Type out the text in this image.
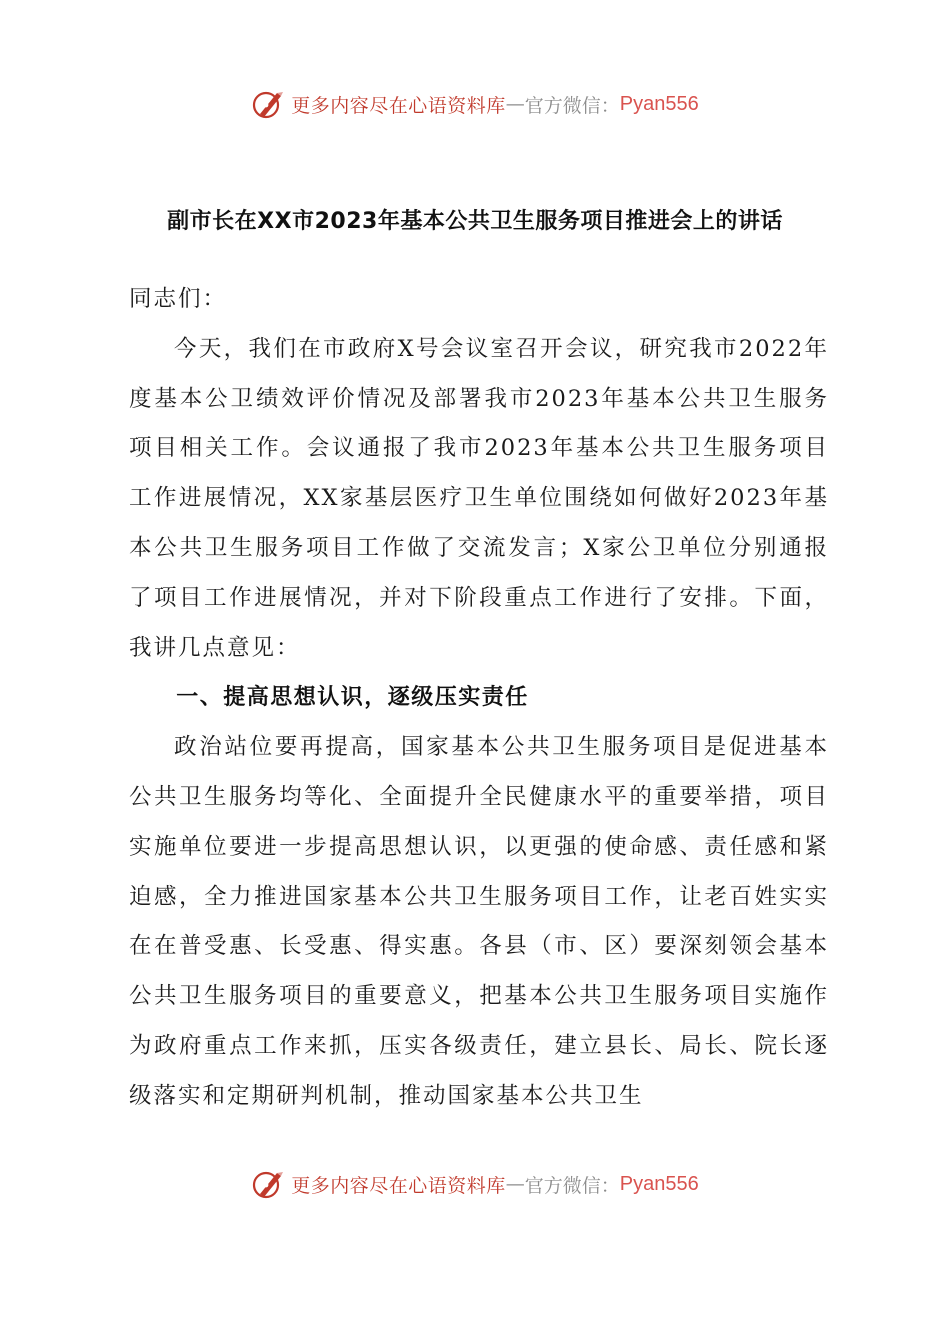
更多内容尽在心语资料库 — 官方微信： Pyan556
副市长在XX市2023年基本公共卫生服务项目推进会上的讲话

同志们：

今天，我们在市政府X号会议室召开会议，研究我市2022年度基本公卫绩效评价情况及部署我市2023年基本公共卫生服务项目相关工作。会议通报了我市2023年基本公共卫生服务项目工作进展情况，XX家基层医疗卫生单位围绕如何做好2023年基本公共卫生服务项目工作做了交流发言；X家公卫单位分别通报了项目工作进展情况，并对下阶段重点工作进行了安排。下面，我讲几点意见：

一、提高思想认识，逐级压实责任

政治站位要再提高，国家基本公共卫生服务项目是促进基本公共卫生服务均等化、全面提升全民健康水平的重要举措，项目实施单位要进一步提高思想认识，以更强的使命感、责任感和紧迫感，全力推进国家基本公共卫生服务项目工作，让老百姓实实在在普受惠、长受惠、得实惠。各县（市、区）要深刻领会基本公共卫生服务项目的重要意义，把基本公共卫生服务项目实施作为政府重点工作来抓，压实各级责任，建立县长、局长、院长逐级落实和定期研判机制，推动国家基本公共卫生

更多内容尽在心语资料库 — 官方微信： Pyan556
